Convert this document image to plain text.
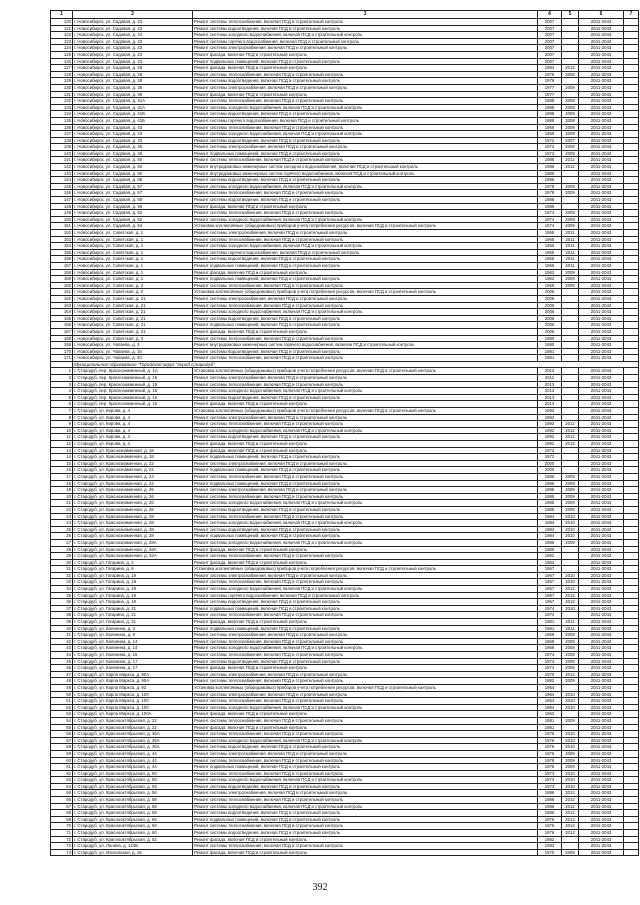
1	2	3	4	5	6	7
120	г. Новосибирск, ул. Садовая, д. 23	Ремонт системы теплоснабжения, включая ПСД и строительный контроль	2007		2041-2043	
121	г. Новосибирск, ул. Садовая, д. 23	Ремонт системы водоотведения, включая ПСД и строительный контроль	2007		2041-2043	
122	г. Новосибирск, ул. Садовая, д. 23	Ремонт системы холодного водоснабжения, включая ПСД и строительный контроль	2007		2041-2043	
123	г. Новосибирск, ул. Садовая, д. 23	Ремонт системы горячего водоснабжения, включая ПСД и строительный контроль	2007		2041-2043	
124	г. Новосибирск, ул. Садовая, д. 23	Ремонт системы электроснабжения, включая ПСД и строительный контроль	2007		2041-2043	
125	г. Новосибирск, ул. Садовая, д. 23	Ремонт фасада, включая ПСД и строительный контроль	2007		2041-2043	
126	г. Новосибирск, ул. Садовая, д. 23	Ремонт подвальных помещений, включая ПСД и строительный контроль	2007		2041-2043	
127	г. Новосибирск, ул. Садовая, д. 28	Ремонт фасада, включая ПСД и строительный контроль	1984	2012	2041-2043	
128	г. Новосибирск, ул. Садовая, д. 28	Ремонт системы теплоснабжения, включая ПСД и строительный контроль	1976	2008	2041-2043	
129	г. Новосибирск, ул. Садовая, д. 28	Ремонт системы водоотведения, включая ПСД и строительный контроль	1976		2041-2043	
130	г. Новосибирск, ул. Садовая, д. 36	Ремонт системы электроснабжения, включая ПСД и строительный контроль	1977	2009	2041-2043	
131	г. Новосибирск, ул. Садовая, д. 38	Ремонт фасада, включая ПСД и строительный контроль	1977		2041-2043	
132	г. Новосибирск, ул. Садовая, д. 41А	Ремонт системы теплоснабжения, включая ПСД и строительный контроль	1988	2008	2041-2043	
133	г. Новосибирск, ул. Садовая, д. 41А	Ремонт системы холодного водоснабжения, включая ПСД и строительный контроль	1988	2008	2041-2043	
134	г. Новосибирск, ул. Садовая, д. 41Б	Ремонт системы водоотведения, включая ПСД и строительный контроль	1988	2008	2041-2043	
135	г. Новосибирск, ул. Садовая, д. 41Б	Ремонт системы горячего водоснабжения, включая ПСД и строительный контроль	1988	2008	2041-2043	
136	г. Новосибирск, ул. Садовая, д. 43	Ремонт системы теплоснабжения, включая ПСД и строительный контроль	1969	2009	2041-2043	
137	г. Новосибирск, ул. Садовая, д. 43	Ремонт системы холодного водоснабжения, включая ПСД и строительный контроль	1969	2009	2041-2043	
138	г. Новосибирск, ул. Садовая, д. 43	Ремонт системы водоотведения, включая ПСД и строительный контроль	1972	2007	2041-2043	
139	г. Новосибирск, ул. Садовая, д. 45	Ремонт системы электроснабжения, включая ПСД и строительный контроль	1972	2009	2041-2043	
140	г. Новосибирск, ул. Садовая, д. 45	Ремонт подвальных помещений, включая ПСД и строительный контроль	1972	2009	2041-2043	
141	г. Новосибирск, ул. Садовая, д. 50	Ремонт системы теплоснабжения, включая ПСД и строительный контроль	1986	2012	2041-2043	
142	г. Новосибирск, ул. Садовая, д. 50	Ремонт внутридомовых инженерных систем холодного водоснабжения, включая ПСД и строительный контроль	1986	2012	2041-2043	
143	г. Новосибирск, ул. Садовая, д. 50	Ремонт внутридомовых инженерных систем горячего водоснабжения, включая ПСД и строительный контроль	1986		2041-2043	
144	г. Новосибирск, ул. Садовая, д. 55	Ремонт системы водоотведения, включая ПСД и строительный контроль	1986		2041-2043	
145	г. Новосибирск, ул. Садовая, д. 57	Ремонт системы холодного водоснабжения, включая ПСД и строительный контроль	1978	2009	2041-2043	
146	г. Новосибирск, ул. Садовая, д. 57	Ремонт системы теплоснабжения, включая ПСД и строительный контроль	1978	2009	2041-2043	
147	г. Новосибирск, ул. Садовая, д. 58	Ремонт системы водоотведения, включая ПСД и строительный контроль	1986		2041-2043	
148	г. Новосибирск, ул. Садовая, д. 59	Ремонт фасада, включая ПСД и строительный контроль	1985		2041-2043	
149	г. Новосибирск, ул. Садовая, д. 62	Ремонт системы теплоснабжения, включая ПСД и строительный контроль	1974	2009	2041-2043	
150	г. Новосибирск, ул. Садовая, д. 62	Ремонт системы холодного водоснабжения, включая ПСД и строительный контроль	1974	2009	2041-2043	
151	г. Новосибирск, ул. Садовая, д. 64	Установка коллективных (общедомовых) приборов учета потребления ресурсов, включая ПСД и строительный контроль	1974	2009	2041-2043	
152	г. Новосибирск, ул. Советская, д. 1	Ремонт системы электроснабжения, включая ПСД и строительный контроль	1965	2011	2041-2043	
153	г. Новосибирск, ул. Советская, д. 1	Ремонт системы теплоснабжения, включая ПСД и строительный контроль	1965	2011	2041-2043	
154	г. Новосибирск, ул. Советская, д. 1	Ремонт системы холодного водоснабжения, включая ПСД и строительный контроль	1965	2011	2041-2043	
155	г. Новосибирск, ул. Советская, д. 1	Ремонт системы горячего водоснабжения, включая ПСД и строительный контроль	1965	2011	2041-2043	
156	г. Новосибирск, ул. Советская, д. 1	Ремонт системы водоотведения, включая ПСД и строительный контроль	1965	2011	2041-2043	
157	г. Новосибирск, ул. Советская, д. 1	Ремонт подвальных помещений, включая ПСД и строительный контроль	1965	2011	2041-2043	
158	г. Новосибирск, ул. Советская, д. 1	Ремонт фасада, включая ПСД и строительный контроль	1962	2009	2041-2043	
159	г. Новосибирск, ул. Советская, д. 1	Ремонт подвальных помещений, включая ПСД и строительный контроль	1962	2009	2041-2043	
160	г. Новосибирск, ул. Советская, д. 2	Ремонт системы теплоснабжения, включая ПСД и строительный контроль	1969	2009	2041-2043	
161	г. Новосибирск, ул. Советская, д. 2	Установка коллективных (общедомовых) приборов учета потребления ресурсов, включая ПСД и строительный контроль	2006		2041-2043	
162	г. Новосибирск, ул. Советская, д. 21	Ремонт системы электроснабжения, включая ПСД и строительный контроль	2006		2041-2043	
163	г. Новосибирск, ул. Советская, д. 21	Ремонт системы теплоснабжения, включая ПСД и строительный контроль	2006		2041-2043	
164	г. Новосибирск, ул. Советская, д. 21	Ремонт системы холодного водоснабжения, включая ПСД и строительный контроль	2006		2041-2043	
165	г. Новосибирск, ул. Советская, д. 21	Ремонт системы водоотведения, включая ПСД и строительный контроль	2006		2041-2043	
166	г. Новосибирск, ул. Советская, д. 21	Ремонт подвальных помещений, включая ПСД и строительный контроль	2006		2041-2043	
167	г. Новосибирск, ул. Советская, д. 21	Ремонт фасада, включая ПСД и строительный контроль	2006		2041-2043	
168	г. Новосибирск, ул. Советская, д. 3	Ремонт системы теплоснабжения, включая ПСД и строительный контроль	1980		2041-2043	
169	г. Новосибирск, ул. Чапаева, д. 3	Ремонт внутридомовых инженерных систем горячего водоснабжения, включая ПСД и строительный контроль	1980		2041-2043	
170	г. Новосибирск, ул. Чапаева, д. 15	Ремонт системы водоотведения, включая ПСД и строительный контроль	1981		2041-2043	
171	г. Новосибирск, ул. Чапаева, д. 20	Ремонт системы теплоснабжения, включая ПСД и строительный контроль	1981		2041-2043	
	Муниципальное образование "Городской округ "город Стародуб"					
1	г. Стародуб, пер. Краснознаменный, д. 1А	Установка коллективных (общедомовых) приборов учета потребления ресурсов, включая ПСД и строительный контроль	2012		2041-2043	
2	г. Стародуб, пер. Краснознаменный, д. 15	Ремонт системы электроснабжения, включая ПСД и строительный контроль	2011		2041-2043	
3	г. Стародуб, пер. Краснознаменный, д. 15	Ремонт системы теплоснабжения, включая ПСД и строительный контроль	2013		2041-2043	
4	г. Стародуб, пер. Краснознаменный, д. 15	Ремонт системы холодного водоснабжения, включая ПСД и строительный контроль	2013		2041-2043	
5	г. Стародуб, пер. Краснознаменный, д. 15	Ремонт системы водоотведения, включая ПСД и строительный контроль	2013		2041-2043	
6	г. Стародуб, пер. Краснознаменный, д. 15	Ремонт фасада, включая ПСД и строительный контроль	2013		2041-2043	
7	г. Стародуб, ул. Кирова, д. 4	Установка коллективных (общедомовых) приборов учета потребления ресурсов, включая ПСД и строительный контроль	1992		2041-2043	
8	г. Стародуб, ул. Кирова, д. 4	Ремонт системы электроснабжения, включая ПСД и строительный контроль	1992		2041-2043	
9	г. Стародуб, ул. Кирова, д. 4	Ремонт системы теплоснабжения, включая ПСД и строительный контроль	1992	2012	2041-2043	
10	г. Стародуб, ул. Кирова, д. 4	Ремонт системы холодного водоснабжения, включая ПСД и строительный контроль	1992	2012	2041-2043	
11	г. Стародуб, ул. Кирова, д. 4	Ремонт системы водоотведения, включая ПСД и строительный контроль	1992	2012	2041-2043	
12	г. Стародуб, ул. Кирова, д. 4	Ремонт фасада, включая ПСД и строительный контроль	1992	2012	2041-2043	
13	г. Стародуб, ул. Краснознаменная, д. 18	Ремонт фасада, включая ПСД и строительный контроль	1972		2041-2043	
14	г. Стародуб, ул. Краснознаменная, д. 18	Ремонт подвальных помещений, включая ПСД и строительный контроль	1972		2041-2043	
15	г. Стародуб, ул. Краснознаменная, д. 22	Ремонт системы электроснабжения, включая ПСД и строительный контроль	2000		2041-2043	
16	г. Стародуб, ул. Краснознаменная, д. 22	Ремонт подвальных помещений, включая ПСД и строительный контроль	2000		2041-2043	
17	г. Стародуб, ул. Краснознаменная, д. 24	Ремонт системы теплоснабжения, включая ПСД и строительный контроль	1986	2009	2041-2043	
18	г. Стародуб, ул. Краснознаменная, д. 24	Ремонт подвальных помещений, включая ПСД и строительный контроль	1986	2009	2041-2043	
19	г. Стародуб, ул. Краснознаменная, д. 26	Ремонт системы электроснабжения, включая ПСД и строительный контроль	1985	2009	2041-2043	
20	г. Стародуб, ул. Краснознаменная, д. 26	Ремонт системы теплоснабжения, включая ПСД и строительный контроль	1985	2009	2041-2043	
21	г. Стародуб, ул. Краснознаменная, д. 26	Ремонт системы холодного водоснабжения, включая ПСД и строительный контроль	1985	2009	2041-2043	
22	г. Стародуб, ул. Краснознаменная, д. 26	Ремонт системы водоотведения, включая ПСД и строительный контроль	1985	2009	2041-2043	
23	г. Стародуб, ул. Краснознаменная, д. 28	Ремонт системы теплоснабжения, включая ПСД и строительный контроль	1984	2010	2041-2043	
24	г. Стародуб, ул. Краснознаменная, д. 28	Ремонт системы холодного водоснабжения, включая ПСД и строительный контроль	1984	2010	2041-2043	
25	г. Стародуб, ул. Краснознаменная, д. 28	Ремонт системы водоотведения, включая ПСД и строительный контроль	1984	2010	2041-2043	
26	г. Стародуб, ул. Краснознаменная, д. 28	Ремонт подвальных помещений, включая ПСД и строительный контроль	1984	2010	2041-2043	
27	г. Стародуб, ул. Краснознаменная, д. 28А	Ремонт системы холодного водоснабжения, включая ПСД и строительный контроль	1986	2009	2041-2043	
28	г. Стародуб, ул. Краснознаменная, д. 28А	Ремонт фасада, включая ПСД и строительный контроль	1986		2041-2043	
29	г. Стародуб, ул. Краснознаменная, д. 32А	Ремонт системы теплоснабжения, включая ПСД и строительный контроль	1962		2041-2043	
30	г. Стародуб, ул. Гагарина, д. 2	Ремонт фасада, включая ПСД и строительный контроль	1962		2041-2043	
31	г. Стародуб, ул. Гагарина, д. 6	Установка коллективных (общедомовых) приборов учета потребления ресурсов, включая ПСД и строительный контроль	1967		2041-2043	
32	г. Стародуб, ул. Гагарина, д. 19	Ремонт системы электроснабжения, включая ПСД и строительный контроль	1967	2010	2041-2043	
33	г. Стародуб, ул. Гагарина, д. 19	Ремонт системы теплоснабжения, включая ПСД и строительный контроль	1967	2010	2041-2043	
34	г. Стародуб, ул. Гагарина, д. 19	Ремонт системы холодного водоснабжения, включая ПСД и строительный контроль	1967	2012	2041-2043	
35	г. Стародуб, ул. Гагарина, д. 19	Ремонт системы горячего водоснабжения, включая ПСД и строительный контроль	1967	2012	2041-2043	
36	г. Стародуб, ул. Гагарина, д. 19	Ремонт системы водоотведения, включая ПСД и строительный контроль	1967	2012	2041-2043	
37	г. Стародуб, ул. Гагарина, д. 21	Ремонт подвальных помещений, включая ПСД и строительный контроль	1974	2010	2041-2043	
38	г. Стародуб, ул. Гагарина, д. 21	Ремонт системы теплоснабжения, включая ПСД и строительный контроль	1974		2041-2043	
39	г. Стародуб, ул. Гагарина, д. 21	Ремонт фасада, включая ПСД и строительный контроль	1981	2011	2041-2043	
40	г. Стародуб, ул. Калинина, д. 3	Ремонт подвальных помещений, включая ПСД и строительный контроль	1981	2011	2041-2043	
41	г. Стародуб, ул. Калинина, д. 9	Ремонт системы электроснабжения, включая ПСД и строительный контроль	1969	2008	2041-2043	
42	г. Стародуб, ул. Калинина, д. 14	Ремонт системы теплоснабжения, включая ПСД и строительный контроль	1969	2008	2041-2043	
43	г. Стародуб, ул. Калинина, д. 14	Ремонт системы холодного водоснабжения, включая ПСД и строительный контроль	1969	2008	2041-2043	
44	г. Стародуб, ул. Калинина, д. 15	Ремонт системы теплоснабжения, включая ПСД и строительный контроль	1974	2009	2041-2043	
45	г. Стародуб, ул. Калинина, д. 17	Ремонт системы водоотведения, включая ПСД и строительный контроль	1974	2009	2041-2043	
46	г. Стародуб, ул. Калинина, д. 17	Ремонт фасада, включая ПСД и строительный контроль	1974	2009	2041-2043	
47	г. Стародуб, ул. Карла Маркса, д. 90А	Ремонт системы электроснабжения, включая ПСД и строительный контроль	1970	2012	2041-2043	
48	г. Стародуб, ул. Карла Маркса, д. 90А	Ремонт системы теплоснабжения, включая ПСД и строительный контроль	1982	2009	2041-2043	
49	г. Стародуб, ул. Карла Маркса, д. 92	Установка коллективных (общедомовых) приборов учета потребления ресурсов, включая ПСД и строительный контроль	1964		2041-2043	
50	г. Стародуб, ул. Карла Маркса, д. 100	Ремонт системы электроснабжения, включая ПСД и строительный контроль	1964	2010	2041-2043	
51	г. Стародуб, ул. Карла Маркса, д. 100	Ремонт системы теплоснабжения, включая ПСД и строительный контроль	1964	2010	2041-2043	
52	г. Стародуб, ул. Карла Маркса, д. 100	Ремонт системы холодного водоснабжения, включая ПСД и строительный контроль	1964	2010	2041-2043	
53	г. Стародуб, ул. Карла Маркса, д. 100А	Ремонт фасада, включая ПСД и строительный контроль	1962		2041-2043	
54	г. Стародуб, ул. Краснооктябрьская, д. 22	Ремонт системы теплоснабжения, включая ПСД и строительный контроль	1981	2009	2041-2043	
55	г. Стародуб, ул. Краснооктябрьская, д. 22	Ремонт фасада, включая ПСД и строительный контроль	1981		2041-2043	
56	г. Стародуб, ул. Краснооктябрьская, д. 36А	Ремонт системы теплоснабжения, включая ПСД и строительный контроль	1976	2010	2041-2043	
57	г. Стародуб, ул. Краснооктябрьская, д. 36А	Ремонт системы холодного водоснабжения, включая ПСД и строительный контроль	1976	2010	2041-2043	
58	г. Стародуб, ул. Краснооктябрьская, д. 36А	Ремонт системы водоотведения, включая ПСД и строительный контроль	1976	2010	2041-2043	
59	г. Стародуб, ул. Краснооктябрьская, д. 44	Ремонт системы электроснабжения, включая ПСД и строительный контроль	1976	2009	2041-2043	
60	г. Стародуб, ул. Краснооктябрьская, д. 44	Ремонт системы теплоснабжения, включая ПСД и строительный контроль	1978	2009	2041-2043	
61	г. Стародуб, ул. Краснооктябрьская, д. 44	Ремонт подвальных помещений, включая ПСД и строительный контроль	1978	2009	2041-2043	
62	г. Стародуб, ул. Краснооктябрьская, д. 50	Ремонт системы теплоснабжения, включая ПСД и строительный контроль	1973	2010	2041-2043	
63	г. Стародуб, ул. Краснооктябрьская, д. 50	Ремонт системы холодного водоснабжения, включая ПСД и строительный контроль	1973	2010	2041-2043	
64	г. Стародуб, ул. Краснооктябрьская, д. 56	Ремонт системы водоотведения, включая ПСД и строительный контроль	1973	2010	2041-2043	
65	г. Стародуб, ул. Краснооктябрьская, д. 56	Ремонт системы электроснабжения, включая ПСД и строительный контроль	1986	2012	2041-2043	
66	г. Стародуб, ул. Краснооктябрьская, д. 58	Ремонт системы теплоснабжения, включая ПСД и строительный контроль	1986	2012	2041-2043	
67	г. Стародуб, ул. Краснооктябрьская, д. 58	Ремонт системы холодного водоснабжения, включая ПСД и строительный контроль	1986	2012	2041-2043	
68	г. Стародуб, ул. Краснооктябрьская, д. 58	Ремонт системы водоотведения, включая ПСД и строительный контроль	1986	2012	2041-2043	
69	г. Стародуб, ул. Краснооктябрьская, д. 60	Ремонт подвальных помещений, включая ПСД и строительный контроль	1976	2013	2041-2043	
70	г. Стародуб, ул. Краснооктябрьская, д. 60	Ремонт системы теплоснабжения, включая ПСД и строительный контроль	1976	2013	2041-2043	
71	г. Стародуб, ул. Краснооктябрьская, д. 60	Ремонт системы водоотведения, включая ПСД и строительный контроль	1976	2013	2041-2043	
72	г. Стародуб, ул. Краснооктябрьская, д. 62	Ремонт фасада, включая ПСД и строительный контроль	1982		2041-2043	
73	г. Стародуб, ул. Ленина, д. 124Б	Ремонт системы теплоснабжения, включая ПСД и строительный контроль	1993		2041-2043	
74	г. Стародуб, ул. Московская, д. 16	Ремонт фасада, включая ПСД и строительный контроль	1970	2009	2041-2043	
392
